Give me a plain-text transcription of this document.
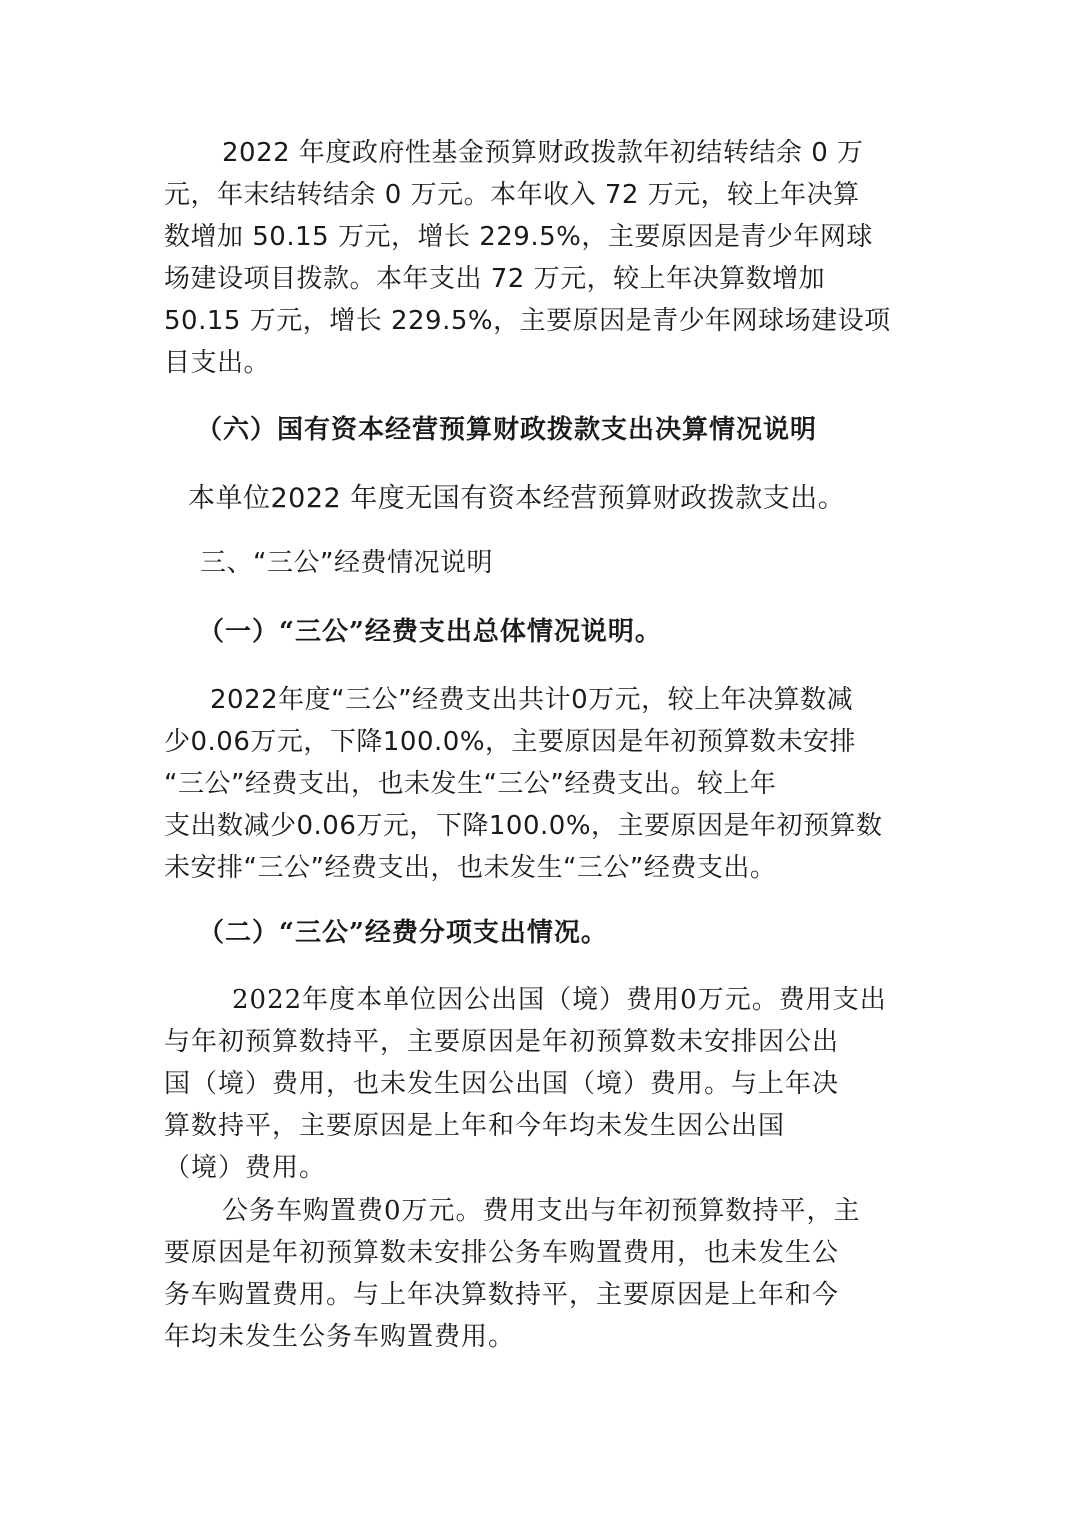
2022 年度政府性基金预算财政拨款年初结转结余 0 万

元，年末结转结余 0 万元。本年收入 72 万元，较上年决算

数增加 50.15 万元，增长 229.5%，主要原因是青少年网球

场建设项目拨款。本年支出 72 万元，较上年决算数增加

50.15 万元，增长 229.5%，主要原因是青少年网球场建设项

目支出。

（六）国有资本经营预算财政拨款支出决算情况说明

本单位2022 年度无国有资本经营预算财政拨款支出。

三、“三公”经费情况说明

（一）“三公”经费支出总体情况说明。

2022年度“三公”经费支出共计0万元，较上年决算数减

少0.06万元，下降100.0%，主要原因是年初预算数未安排

“三公”经费支出，也未发生“三公”经费支出。较上年

支出数减少0.06万元，下降100.0%，主要原因是年初预算数

未安排“三公”经费支出，也未发生“三公”经费支出。

（二）“三公”经费分项支出情况。

2022年度本单位因公出国（境）费用0万元。费用支出

与年初预算数持平，主要原因是年初预算数未安排因公出

国（境）费用，也未发生因公出国（境）费用。与上年决

算数持平，主要原因是上年和今年均未发生因公出国

（境）费用。

公务车购置费0万元。费用支出与年初预算数持平，主

要原因是年初预算数未安排公务车购置费用，也未发生公

务车购置费用。与上年决算数持平，主要原因是上年和今

年均未发生公务车购置费用。
